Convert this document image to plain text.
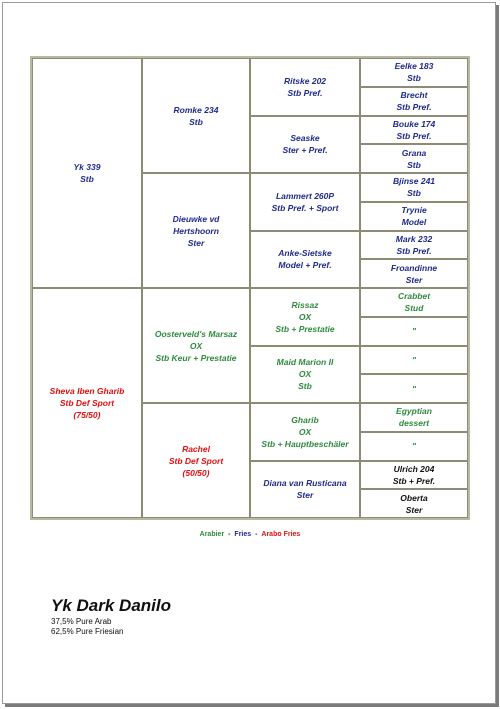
Yk 339
Stb
Sheva Iben Gharib
Stb Def Sport
(75/50)
Romke 234
Stb
Dieuwke vd
Hertshoorn
Ster
Oosterveld's Marsaz
OX
Stb Keur + Prestatie
Rachel
Stb Def Sport
(50/50)
Ritske 202
Stb Pref.
Seaske
Ster + Pref.
Lammert 260P
Stb Pref. + Sport
Anke-Sietske
Model + Pref.
Rissaz
OX
Stb + Prestatie
Maid Marion II
OX
Stb
Gharib
OX
Stb + Hauptbeschäler
Diana van Rusticana
Ster
Eelke 183
Stb
Brecht
Stb Pref.
Bouke 174
Stb Pref.
Grana
Stb
Bjinse 241
Stb
Trynie
Model
Mark 232
Stb Pref.
Froandinne
Ster
Crabbet
Stud
"
"
"
Egyptian
dessert
"
Ulrich 204
Stb + Pref.
Oberta
Ster
Arabier - Fries - Arabo Fries
Yk Dark Danilo
37,5% Pure Arab
62,5% Pure Friesian
